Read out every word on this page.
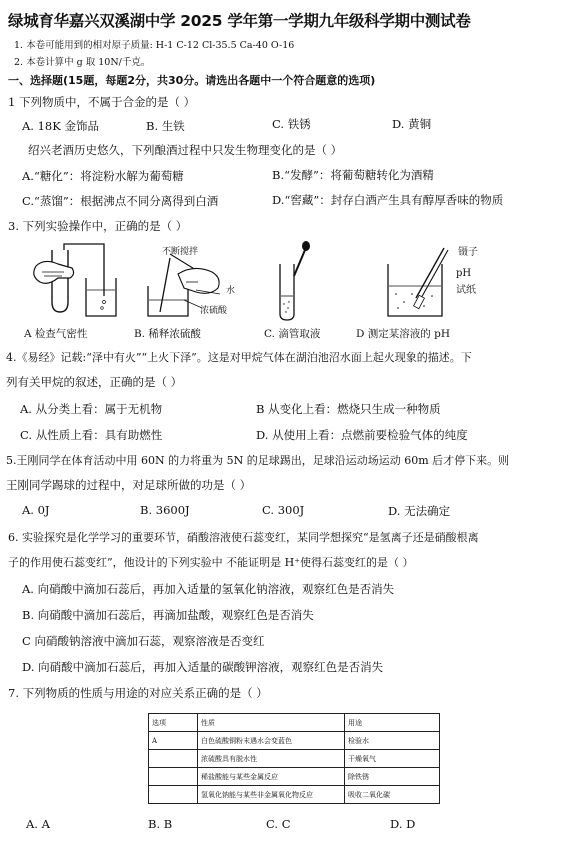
绿城育华嘉兴双溪湖中学 2025 学年第一学期九年级科学期中测试卷
1. 本卷可能用到的相对原子质量: H-1 C-12 Cl-35.5 Ca-40 O-16
2. 本卷计算中 g 取 10N/千克。
一、选择题(15题，每题2分，共30分。请选出各题中一个符合题意的选项)
1 下列物质中，不属于合金的是（ ）
A. 18K 金饰品	B. 生铁	C. 铁锈	D. 黄铜
绍兴老酒历史悠久，下列酿酒过程中只发生物理变化的是（ ）
A.“糖化”：将淀粉水解为葡萄糖	B.“发酵”：将葡萄糖转化为酒精
C.“蒸馏”：根据沸点不同分离得到白酒	D.“窖藏”：封存白酒产生具有醇厚香味的物质
3. 下列实验操作中，正确的是（ ）
不断搅拌
水
浓硫酸
镊子
pH
试纸
A 检查气密性	B. 稀释浓硫酸	C. 滴管取液	D 测定某溶液的 pH
4.《易经》记载:“泽中有火”“上火下泽”。这是对甲烷气体在湖泊池沼水面上起火现象的描述。下
列有关甲烷的叙述，正确的是（ ）
A. 从分类上看：属于无机物	B 从变化上看：燃烧只生成一种物质
C. 从性质上看：具有助燃性	D. 从使用上看：点燃前要检验气体的纯度
5.王刚同学在体育活动中用 60N 的力将重为 5N 的足球踢出，足球沿运动场运动 60m 后才停下来。则
王刚同学踢球的过程中，对足球所做的功是（ ）
A. 0J	B. 3600J	C. 300J	D. 无法确定
6. 实验探究是化学学习的重要环节，硝酸溶液使石蕊变红，某同学想探究“是氢离子还是硝酸根离
子的作用使石蕊变红”，他设计的下列实验中 不能证明是 H⁺使得石蕊变红的是（ ）
A. 向硝酸中滴加石蕊后，再加入适量的氢氧化钠溶液，观察红色是否消失
B. 向硝酸中滴加石蕊后，再滴加盐酸，观察红色是否消失
C 向硝酸钠溶液中滴加石蕊，观察溶液是否变红
D. 向硝酸中滴加石蕊后，再加入适量的碳酸钾溶液，观察红色是否消失
7. 下列物质的性质与用途的对应关系正确的是（ ）
选项	性质	用途
A	白色硫酸铜粉末遇水会变蓝色	检验水
	浓硫酸具有脱水性	干燥氧气
	稀盐酸能与某些金属反应	除铁锈
	氢氧化钠能与某些非金属氧化物反应	吸收二氧化碳
A. A	B. B	C. C	D. D
